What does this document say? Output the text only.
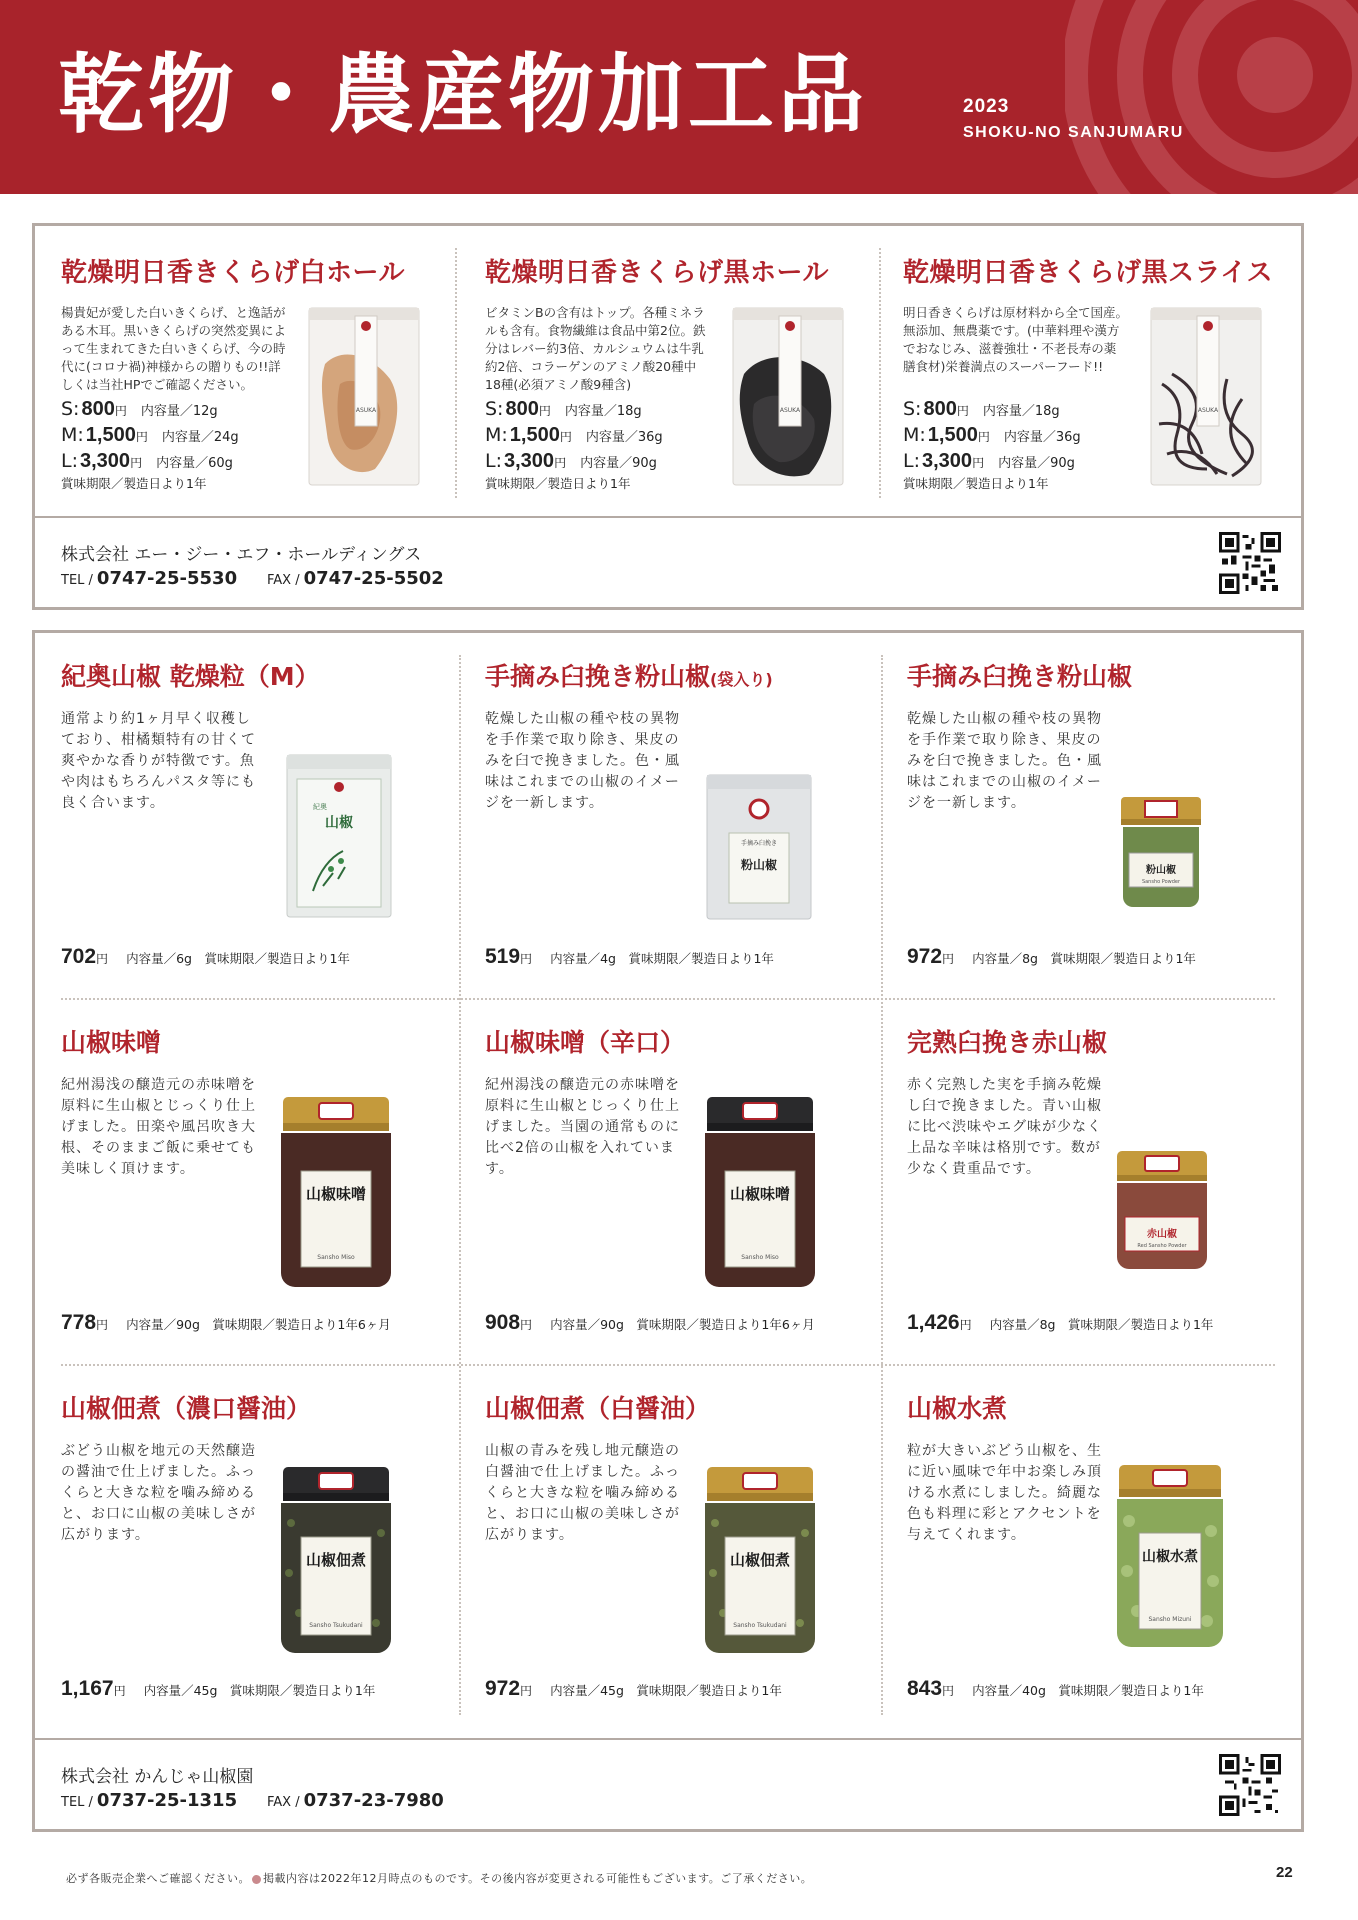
乾物・農産物加工品	2023
SHOKU-NO SANJUMARU
乾燥明日香きくらげ白ホール
楊貴妃が愛した白いきくらげ、と逸話がある木耳。黒いきくらげの突然変異によって生まれてきた白いきくらげ、今の時代に(コロナ禍)神様からの贈りもの!!詳しくは当社HPでご確認ください。
S: 800円 内容量／12g
M: 1,500円 内容量／24g
L: 3,300円 内容量／60g
賞味期限／製造日より1年
ASUKA
乾燥明日香きくらげ黒ホール
ビタミンBの含有はトップ。各種ミネラルも含有。食物繊維は食品中第2位。鉄分はレバー約3倍、カルシュウムは牛乳約2倍、コラーゲンのアミノ酸20種中18種(必須アミノ酸9種含)
S: 800円 内容量／18g
M: 1,500円 内容量／36g
L: 3,300円 内容量／90g
賞味期限／製造日より1年
ASUKA
乾燥明日香きくらげ黒スライス
明日香きくらげは原材料から全て国産。無添加、無農薬です。(中華料理や漢方でおなじみ、滋養強壮・不老長寿の薬膳食材)栄養満点のスーパーフード!!
S: 800円 内容量／18g
M: 1,500円 内容量／36g
L: 3,300円 内容量／90g
賞味期限／製造日より1年
ASUKA
株式会社 エー・ジー・エフ・ホールディングス
TEL / 0747-25-5530 FAX / 0747-25-5502
紀奥山椒 乾燥粒（M）
通常より約1ヶ月早く収穫しており、柑橘類特有の甘くて爽やかな香りが特徴です。魚や肉はもちろんパスタ等にも良く合います。
702円 内容量／6g　賞味期限／製造日より1年
紀奥
山椒
手摘み臼挽き粉山椒(袋入り)
乾燥した山椒の種や枝の異物を手作業で取り除き、果皮のみを臼で挽きました。色・風味はこれまでの山椒のイメージを一新します。
519円 内容量／4g　賞味期限／製造日より1年
手摘み臼挽き
粉山椒
手摘み臼挽き粉山椒
乾燥した山椒の種や枝の異物を手作業で取り除き、果皮のみを臼で挽きました。色・風味はこれまでの山椒のイメージを一新します。
972円 内容量／8g　賞味期限／製造日より1年
粉山椒
Sansho Powder
山椒味噌
紀州湯浅の醸造元の赤味噌を原料に生山椒とじっくり仕上げました。田楽や風呂吹き大根、そのままご飯に乗せても美味しく頂けます。
778円 内容量／90g　賞味期限／製造日より1年6ヶ月
山椒味噌
Sansho Miso
山椒味噌（辛口）
紀州湯浅の醸造元の赤味噌を原料に生山椒とじっくり仕上げました。当園の通常ものに比べ2倍の山椒を入れています。
908円 内容量／90g　賞味期限／製造日より1年6ヶ月
山椒味噌
Sansho Miso
完熟臼挽き赤山椒
赤く完熟した実を手摘み乾燥し臼で挽きました。青い山椒に比べ渋味やエグ味が少なく上品な辛味は格別です。数が少なく貴重品です。
1,426円 内容量／8g　賞味期限／製造日より1年
赤山椒
Red Sansho Powder
山椒佃煮（濃口醤油）
ぶどう山椒を地元の天然醸造の醤油で仕上げました。ふっくらと大きな粒を噛み締めると、お口に山椒の美味しさが広がります。
1,167円 内容量／45g　賞味期限／製造日より1年
山椒佃煮
Sansho Tsukudani
山椒佃煮（白醤油）
山椒の青みを残し地元醸造の白醤油で仕上げました。ふっくらと大きな粒を噛み締めると、お口に山椒の美味しさが広がります。
972円 内容量／45g　賞味期限／製造日より1年
山椒佃煮
Sansho Tsukudani
山椒水煮
粒が大きいぶどう山椒を、生に近い風味で年中お楽しみ頂ける水煮にしました。綺麗な色も料理に彩とアクセントを与えてくれます。
843円 内容量／40g　賞味期限／製造日より1年
山椒水煮
Sansho Mizuni
株式会社 かんじゃ山椒園
TEL / 0737-25-1315 FAX / 0737-23-7980
必ず各販売企業へご確認ください。 掲載内容は2022年12月時点のものです。その後内容が変更される可能性もございます。ご了承ください。	22
